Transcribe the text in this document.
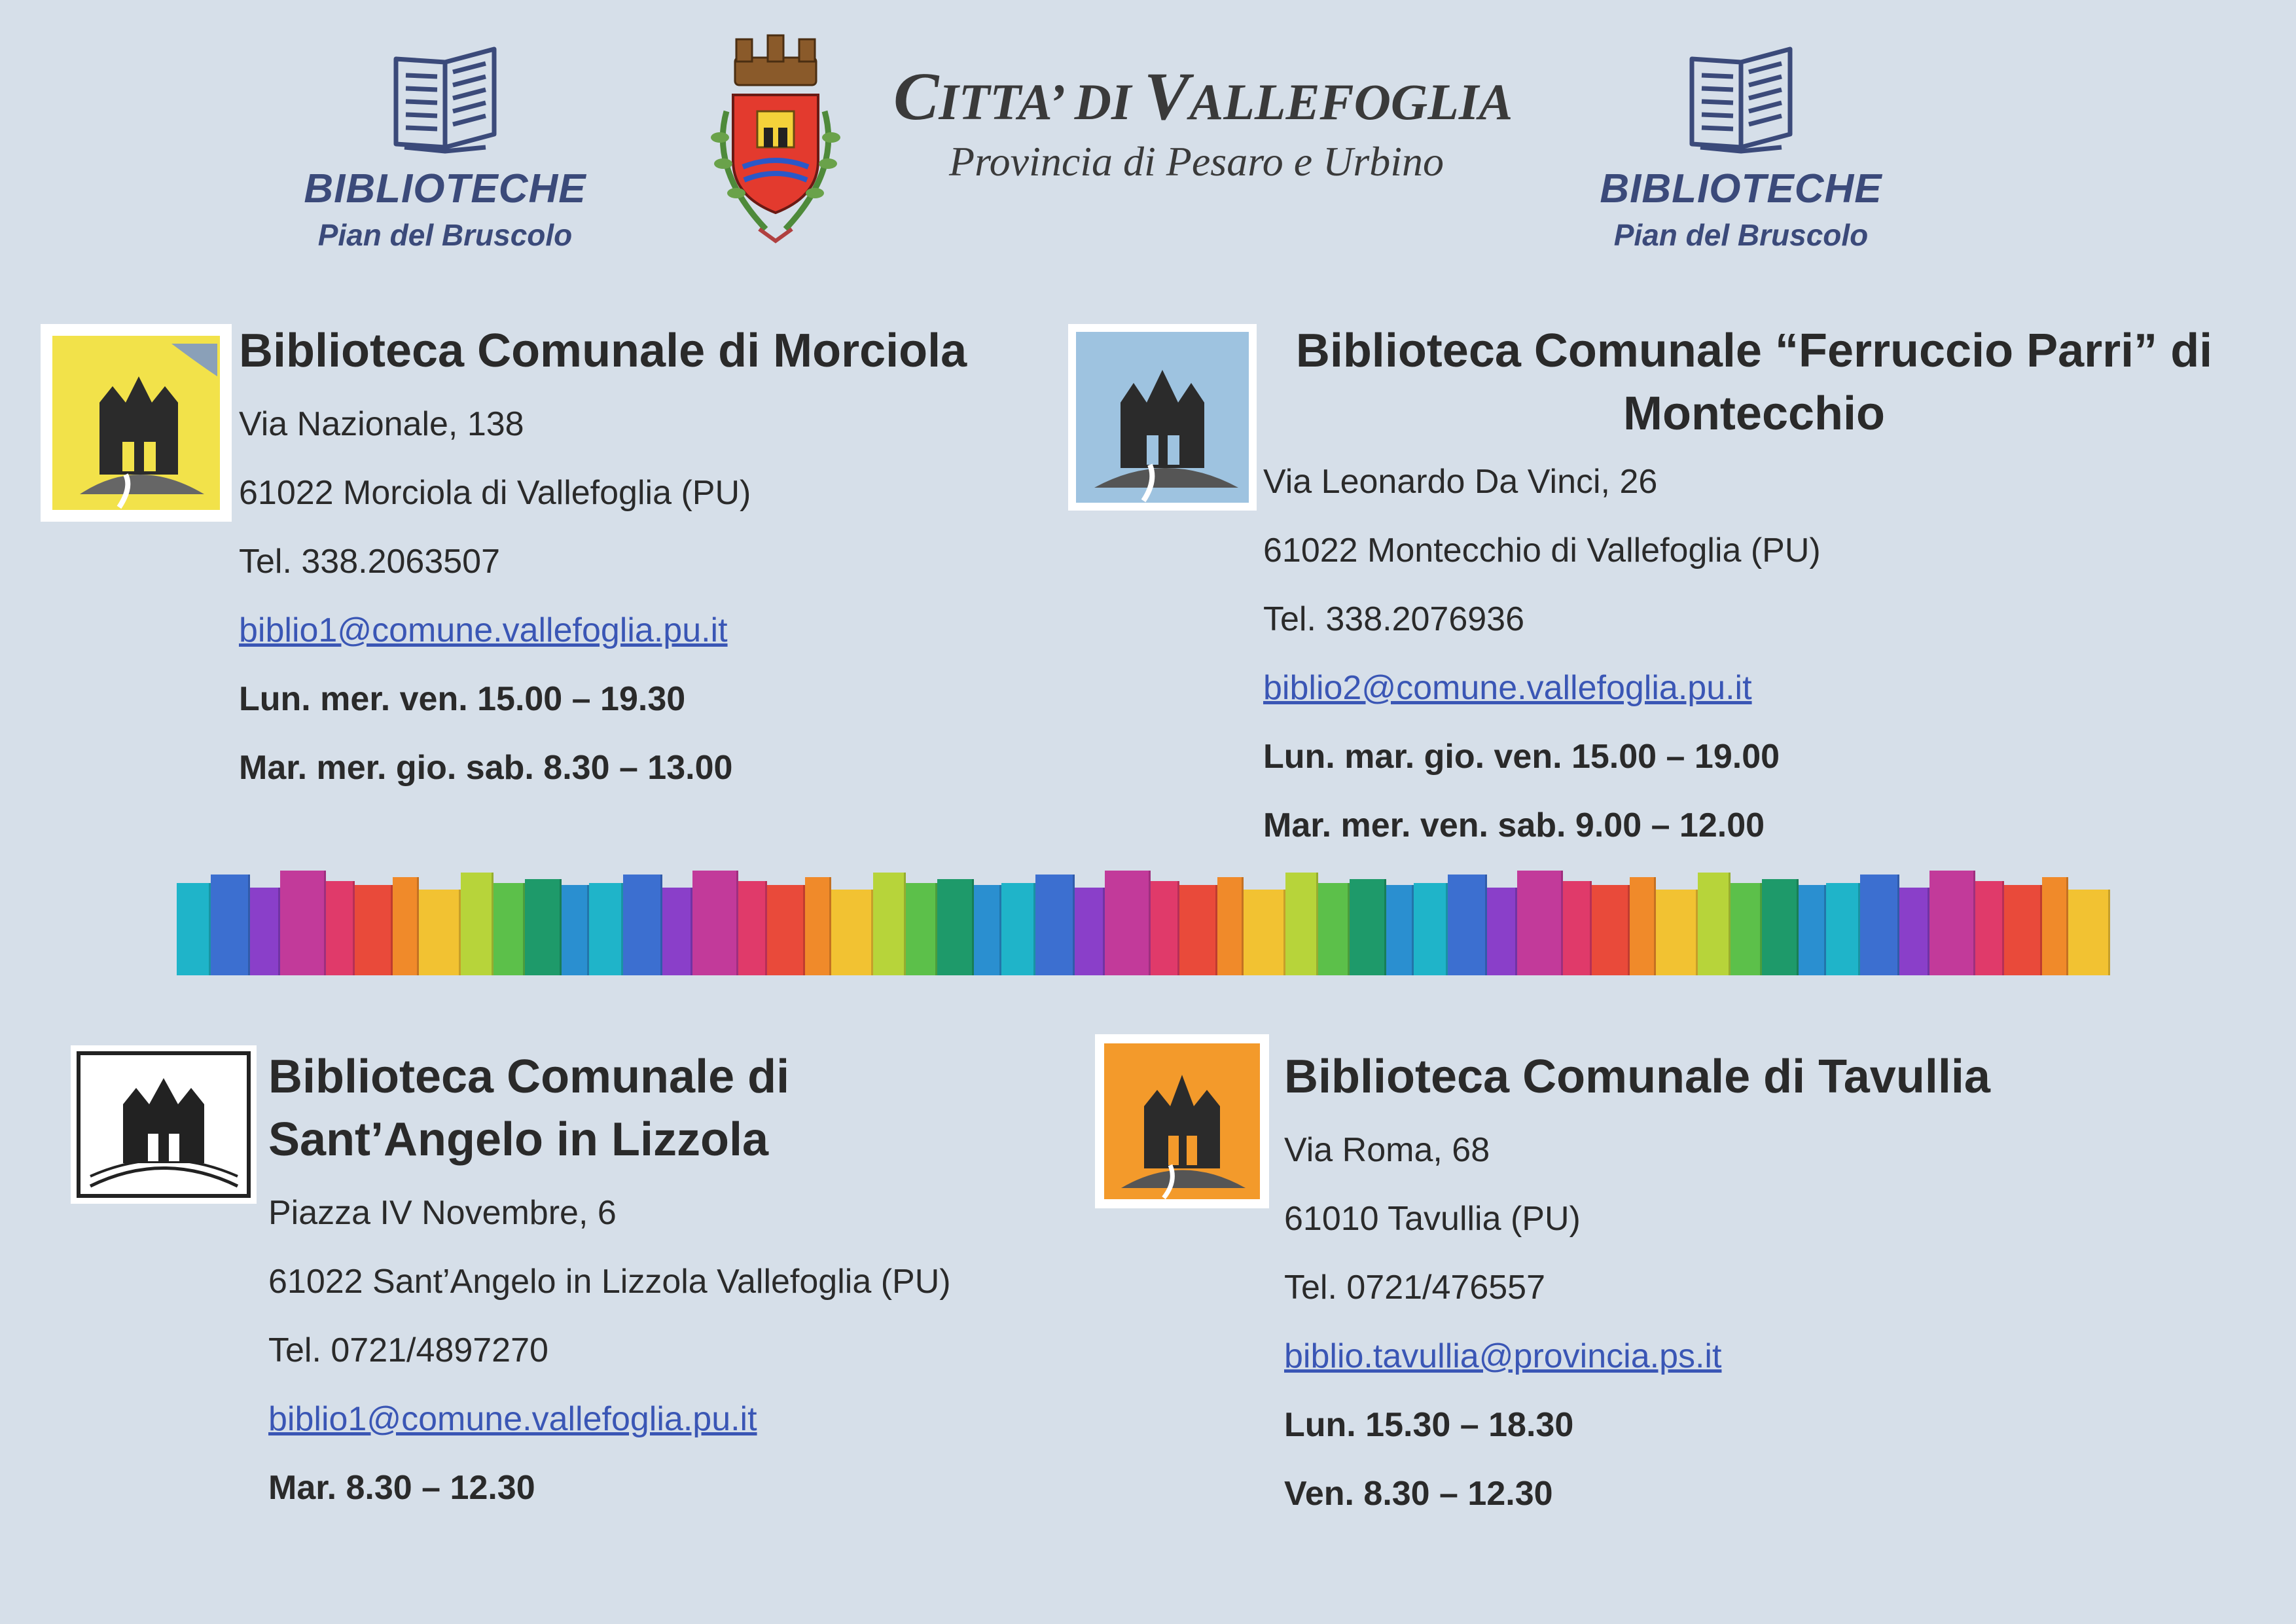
BIBLIOTECHE
Pian del Bruscolo
CITTA’ DI VALLEFOGLIA
Provincia di Pesaro e Urbino
BIBLIOTECHE
Pian del Bruscolo
Biblioteca Comunale di Morciola
Via Nazionale, 138
61022 Morciola di Vallefoglia (PU)
Tel. 338.2063507
biblio1@comune.vallefoglia.pu.it
Lun. mer. ven. 15.00 – 19.30
Mar. mer. gio. sab. 8.30 – 13.00
Biblioteca Comunale “Ferruccio Parri” di Montecchio
Via Leonardo Da Vinci, 26
61022 Montecchio di Vallefoglia (PU)
Tel. 338.2076936
biblio2@comune.vallefoglia.pu.it
Lun. mar. gio. ven. 15.00 – 19.00
Mar. mer. ven. sab. 9.00 – 12.00
Biblioteca Comunale di Sant’Angelo in Lizzola
Piazza IV Novembre, 6
61022 Sant’Angelo in Lizzola Vallefoglia (PU)
Tel. 0721/4897270
biblio1@comune.vallefoglia.pu.it
Mar. 8.30 – 12.30
Biblioteca Comunale di Tavullia
Via Roma, 68
61010 Tavullia (PU)
Tel. 0721/476557
biblio.tavullia@provincia.ps.it
Lun. 15.30 – 18.30
Ven. 8.30 – 12.30
